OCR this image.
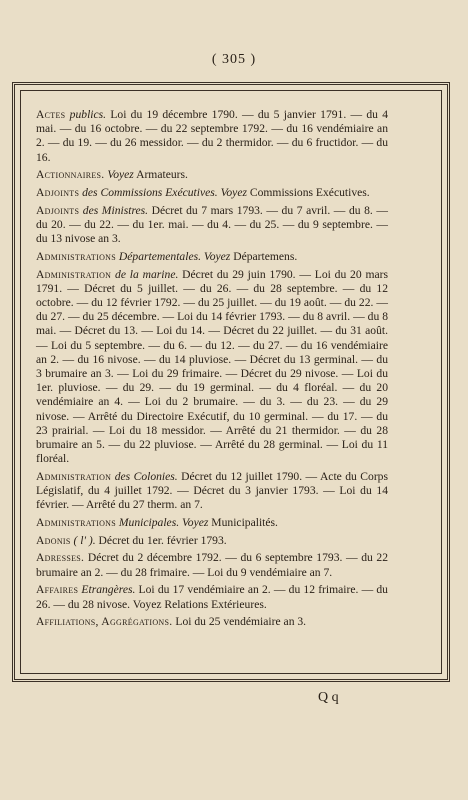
( 305 )
Actes publics. Loi du 19 décembre 1790. — du 5 janvier 1791. — du 4 mai. — du 16 octobre. — du 22 septembre 1792. — du 16 vendémiaire an 2. — du 19. — du 26 messidor. — du 2 thermidor. — du 6 fructidor. — du 16.
Actionnaires. Voyez Armateurs.
Adjoints des Commissions Exécutives. Voyez Commissions Exécutives.
Adjoints des Ministres. Décret du 7 mars 1793. — du 7 avril. — du 8. — du 20. — du 22. — du 1er. mai. — du 4. — du 25. — du 9 septembre. — du 13 nivose an 3.
Administrations Départementales. Voyez Départemens.
Administration de la marine. Décret du 29 juin 1790. — Loi du 20 mars 1791. — Décret du 5 juillet. — du 26. — du 28 septembre. — du 12 octobre. — du 12 février 1792. — du 25 juillet. — du 19 août. — du 22. — du 27. — du 25 décembre. — Loi du 14 février 1793. — du 8 avril. — du 8 mai. — Décret du 13. — Loi du 14. — Décret du 22 juillet. — du 31 août. — Loi du 5 septembre. — du 6. — du 12. — du 27. — du 16 vendémiaire an 2. — du 16 nivose. — du 14 pluviose. — Décret du 13 germinal. — du 3 brumaire an 3. — Loi du 29 frimaire. — Décret du 29 nivose. — Loi du 1er. pluviose. — du 29. — du 19 germinal. — du 4 floréal. — du 20 vendémiaire an 4. — Loi du 2 brumaire. — du 3. — du 23. — du 29 nivose. — Arrêté du Directoire Exécutif, du 10 germinal. — du 17. — du 23 prairial. — Loi du 18 messidor. — Arrêté du 21 thermidor. — du 28 brumaire an 5. — du 22 pluviose. — Arrêté du 28 germinal. — Loi du 11 floréal.
Administration des Colonies. Décret du 12 juillet 1790. — Acte du Corps Législatif, du 4 juillet 1792. — Décret du 3 janvier 1793. — Loi du 14 février. — Arrêté du 27 therm. an 7.
Administrations Municipales. Voyez Municipalités.
Adonis ( l' ). Décret du 1er. février 1793.
Adresses. Décret du 2 décembre 1792. — du 6 septembre 1793. — du 22 brumaire an 2. — du 28 frimaire. — Loi du 9 vendémiaire an 7.
Affaires Etrangères. Loi du 17 vendémiaire an 2. — du 12 frimaire. — du 26. — du 28 nivose. Voyez Relations Extérieures.
Affiliations, Aggrégations. Loi du 25 vendémiaire an 3.
Q q
